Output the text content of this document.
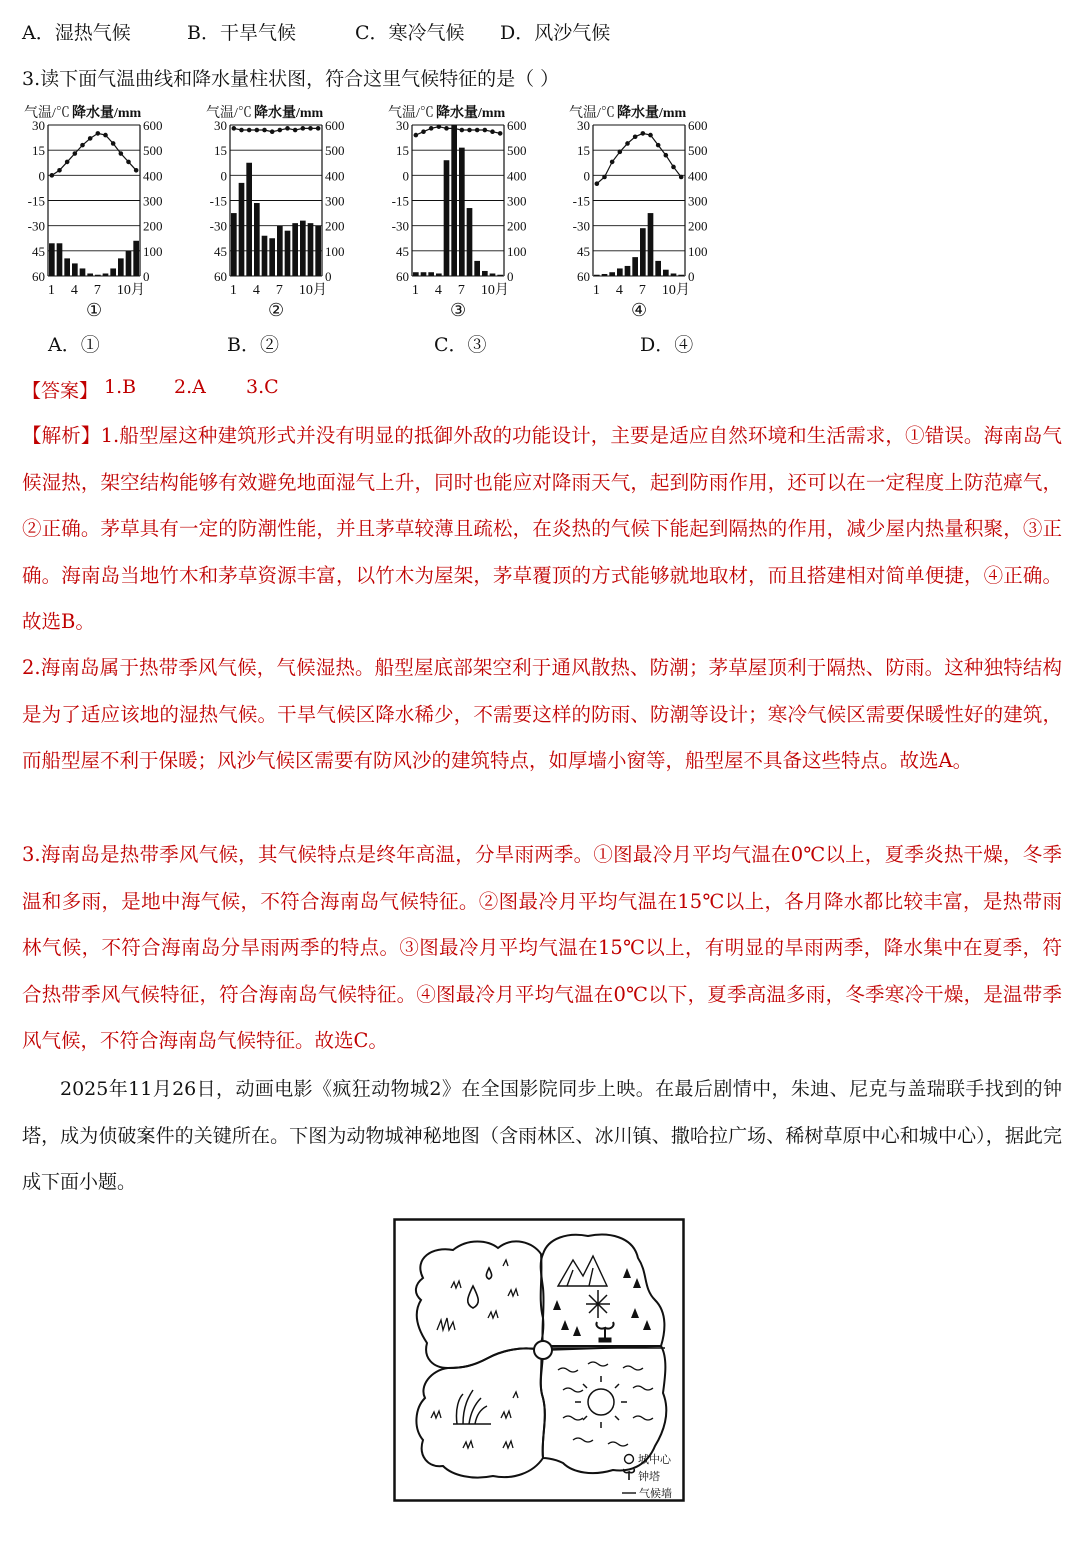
A．湿热气候	B．干旱气候	C．寒冷气候 D．风沙气候
3.读下面气温曲线和降水量柱状图，符合这里气候特征的是（ ）
气温/℃ 降水量/mm
30	600
15	500
0	400
-15	300
-30	200
45	100
60	0
1 4 7 10月
①
气温/℃ 降水量/mm
30	600
15	500
0	400
-15	300
-30	200
45	100
60	0
1 4 7 10月
②
气温/℃ 降水量/mm
30	600
15	500
0	400
-15	300
-30	200
45	100
60	0
1 4 7 10月
③
气温/℃ 降水量/mm
30	600
15	500
0	400
-15	300
-30	200
45	100
60	0
1 4 7 10月
④
A．①	B．②	C．③	D．④
【答案】 1.B 2.A 3.C

【解析】1.船型屋这种建筑形式并没有明显的抵御外敌的功能设计，主要是适应自然环境和生活需求，①错误。海南岛气候湿热，架空结构能够有效避免地面湿气上升，同时也能应对降雨天气，起到防雨作用，还可以在一定程度上防范瘴气，②正确。茅草具有一定的防潮性能，并且茅草较薄且疏松，在炎热的气候下能起到隔热的作用，减少屋内热量积聚，③正确。海南岛当地竹木和茅草资源丰富，以竹木为屋架，茅草覆顶的方式能够就地取材，而且搭建相对简单便捷，④正确。故选B。

2.海南岛属于热带季风气候，气候湿热。船型屋底部架空利于通风散热、防潮；茅草屋顶利于隔热、防雨。这种独特结构是为了适应该地的湿热气候。干旱气候区降水稀少，不需要这样的防雨、防潮等设计；寒冷气候区需要保暖性好的建筑，而船型屋不利于保暖；风沙气候区需要有防风沙的建筑特点，如厚墙小窗等，船型屋不具备这些特点。故选A。

3.海南岛是热带季风气候，其气候特点是终年高温，分旱雨两季。①图最冷月平均气温在0℃以上，夏季炎热干燥，冬季温和多雨，是地中海气候，不符合海南岛气候特征。②图最冷月平均气温在15℃以上，各月降水都比较丰富，是热带雨林气候，不符合海南岛分旱雨两季的特点。③图最冷月平均气温在15℃以上，有明显的旱雨两季，降水集中在夏季，符合热带季风气候特征，符合海南岛气候特征。④图最冷月平均气温在0℃以下，夏季高温多雨，冬季寒冷干燥，是温带季风气候，不符合海南岛气候特征。故选C。

2025年11月26日，动画电影《疯狂动物城2》在全国影院同步上映。在最后剧情中，朱迪、尼克与盖瑞联手找到的钟塔，成为侦破案件的关键所在。下图为动物城神秘地图（含雨林区、冰川镇、撒哈拉广场、稀树草原中心和城中心），据此完成下面小题。

城中心
钟塔
气候墙
